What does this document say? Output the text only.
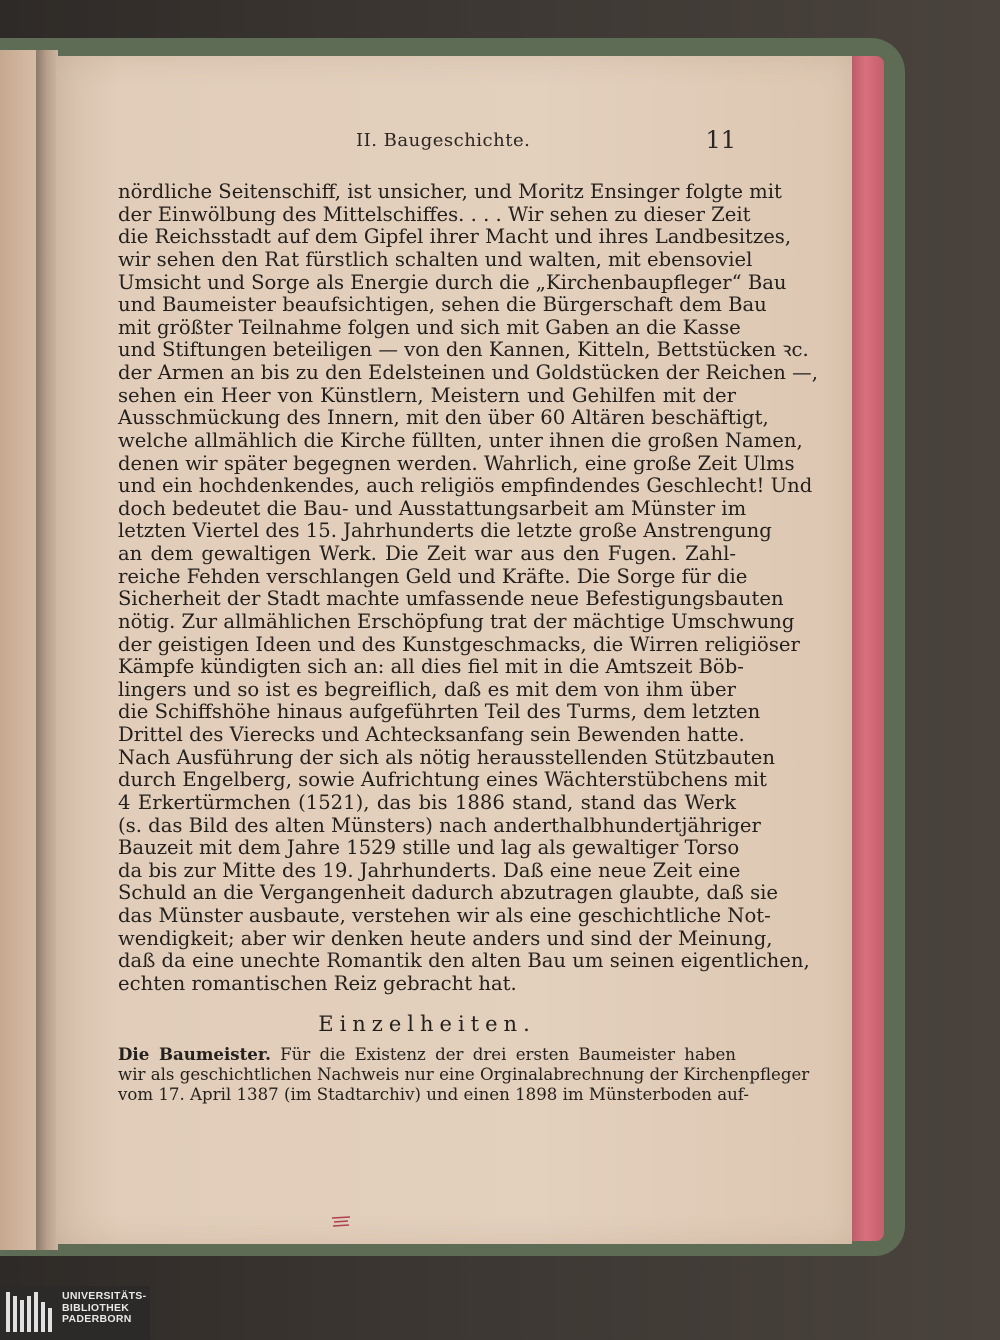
II. Baugeschichte.	11
nördliche Seitenschiff, ist unsicher, und Moritz Ensinger folgte mit
der Einwölbung des Mittelschiffes. . . . Wir sehen zu dieser Zeit
die Reichsstadt auf dem Gipfel ihrer Macht und ihres Landbesitzes,
wir sehen den Rat fürstlich schalten und walten, mit ebensoviel
Umsicht und Sorge als Energie durch die „Kirchenbaupfleger“ Bau
und Baumeister beaufsichtigen, sehen die Bürgerschaft dem Bau
mit größter Teilnahme folgen und sich mit Gaben an die Kasse
und Stiftungen beteiligen — von den Kannen, Kitteln, Bettstücken ꝛc.
der Armen an bis zu den Edelsteinen und Goldstücken der Reichen —,
sehen ein Heer von Künstlern, Meistern und Gehilfen mit der
Ausschmückung des Innern, mit den über 60 Altären beschäftigt,
welche allmählich die Kirche füllten, unter ihnen die großen Namen,
denen wir später begegnen werden. Wahrlich, eine große Zeit Ulms
und ein hochdenkendes, auch religiös empfindendes Geschlecht! Und
doch bedeutet die Bau- und Ausstattungsarbeit am Münster im
letzten Viertel des 15. Jahrhunderts die letzte große Anstrengung
an dem gewaltigen Werk. Die Zeit war aus den Fugen. Zahl-
reiche Fehden verschlangen Geld und Kräfte. Die Sorge für die
Sicherheit der Stadt machte umfassende neue Befestigungsbauten
nötig. Zur allmählichen Erschöpfung trat der mächtige Umschwung
der geistigen Ideen und des Kunstgeschmacks, die Wirren religiöser
Kämpfe kündigten sich an: all dies fiel mit in die Amtszeit Böb-
lingers und so ist es begreiflich, daß es mit dem von ihm über
die Schiffshöhe hinaus aufgeführten Teil des Turms, dem letzten
Drittel des Vierecks und Achtecksanfang sein Bewenden hatte.
Nach Ausführung der sich als nötig herausstellenden Stützbauten
durch Engelberg, sowie Aufrichtung eines Wächterstübchens mit
4 Erkertürmchen (1521), das bis 1886 stand, stand das Werk
(s. das Bild des alten Münsters) nach anderthalbhundertjähriger
Bauzeit mit dem Jahre 1529 stille und lag als gewaltiger Torso
da bis zur Mitte des 19. Jahrhunderts. Daß eine neue Zeit eine
Schuld an die Vergangenheit dadurch abzutragen glaubte, daß sie
das Münster ausbaute, verstehen wir als eine geschichtliche Not-
wendigkeit; aber wir denken heute anders und sind der Meinung,
daß da eine unechte Romantik den alten Bau um seinen eigentlichen,
echten romantischen Reiz gebracht hat.
Einzelheiten.
Die Baumeister. Für die Existenz der drei ersten Baumeister haben
wir als geschichtlichen Nachweis nur eine Orginalabrechnung der Kirchenpfleger
vom 17. April 1387 (im Stadtarchiv) und einen 1898 im Münsterboden auf-
UNIVERSITÄTS-
BIBLIOTHEK
PADERBORN
